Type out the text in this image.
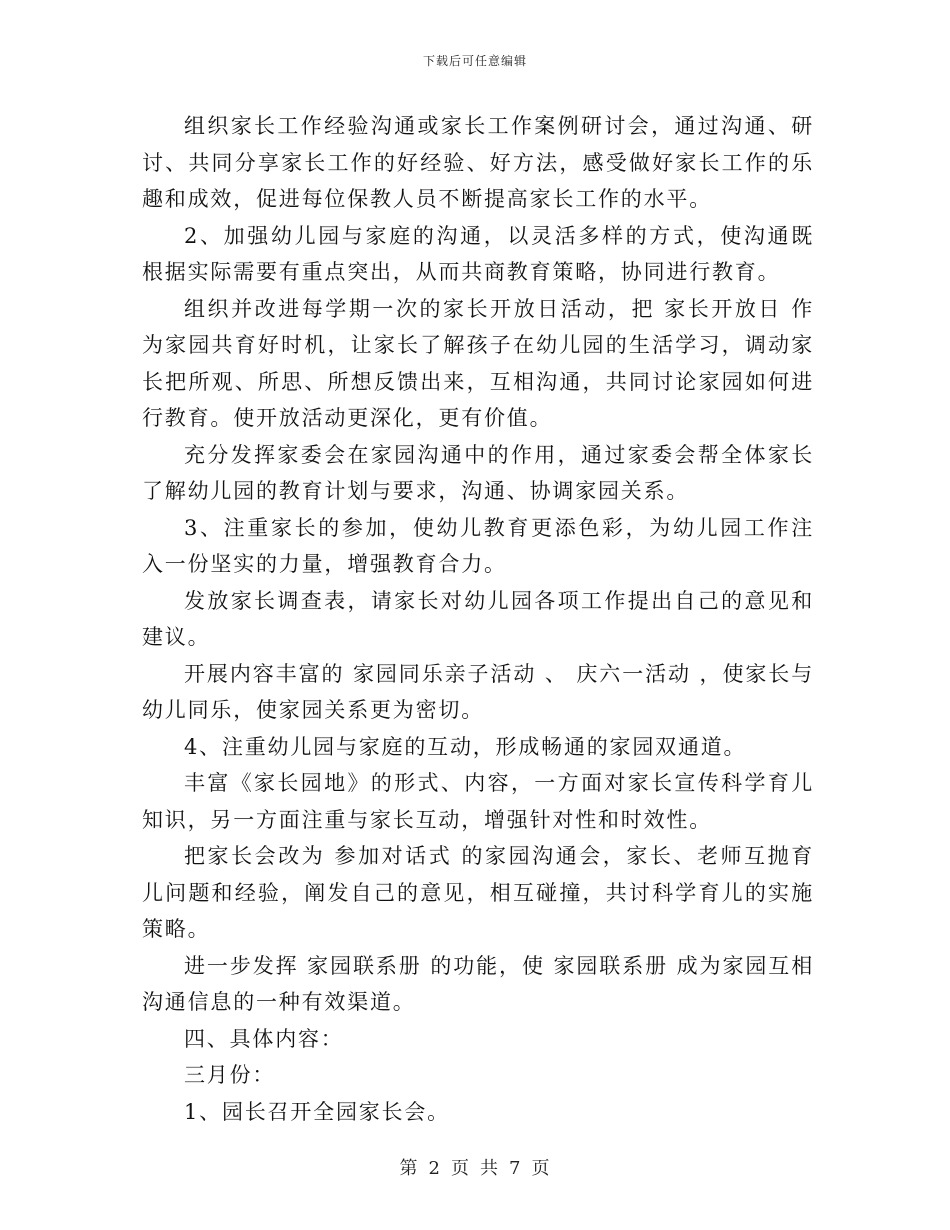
下载后可任意编辑

组织家长工作经验沟通或家长工作案例研讨会，通过沟通、研讨、共同分享家长工作的好经验、好方法，感受做好家长工作的乐趣和成效，促进每位保教人员不断提高家长工作的水平。

2、加强幼儿园与家庭的沟通，以灵活多样的方式，使沟通既根据实际需要有重点突出，从而共商教育策略，协同进行教育。

组织并改进每学期一次的家长开放日活动，把 家长开放日 作为家园共育好时机，让家长了解孩子在幼儿园的生活学习，调动家长把所观、所思、所想反馈出来，互相沟通，共同讨论家园如何进行教育。使开放活动更深化，更有价值。

充分发挥家委会在家园沟通中的作用，通过家委会帮全体家长了解幼儿园的教育计划与要求，沟通、协调家园关系。

3、注重家长的参加，使幼儿教育更添色彩，为幼儿园工作注入一份坚实的力量，增强教育合力。

发放家长调查表，请家长对幼儿园各项工作提出自己的意见和建议。

开展内容丰富的 家园同乐亲子活动 、 庆六一活动 ，使家长与幼儿同乐，使家园关系更为密切。

4、注重幼儿园与家庭的互动，形成畅通的家园双通道。

丰富《家长园地》的形式、内容，一方面对家长宣传科学育儿知识，另一方面注重与家长互动，增强针对性和时效性。

把家长会改为 参加对话式 的家园沟通会，家长、老师互抛育儿问题和经验，阐发自己的意见，相互碰撞，共讨科学育儿的实施策略。

进一步发挥 家园联系册 的功能，使 家园联系册 成为家园互相沟通信息的一种有效渠道。

四、具体内容：

三月份：

1、园长召开全园家长会。

第 2 页 共 7 页
